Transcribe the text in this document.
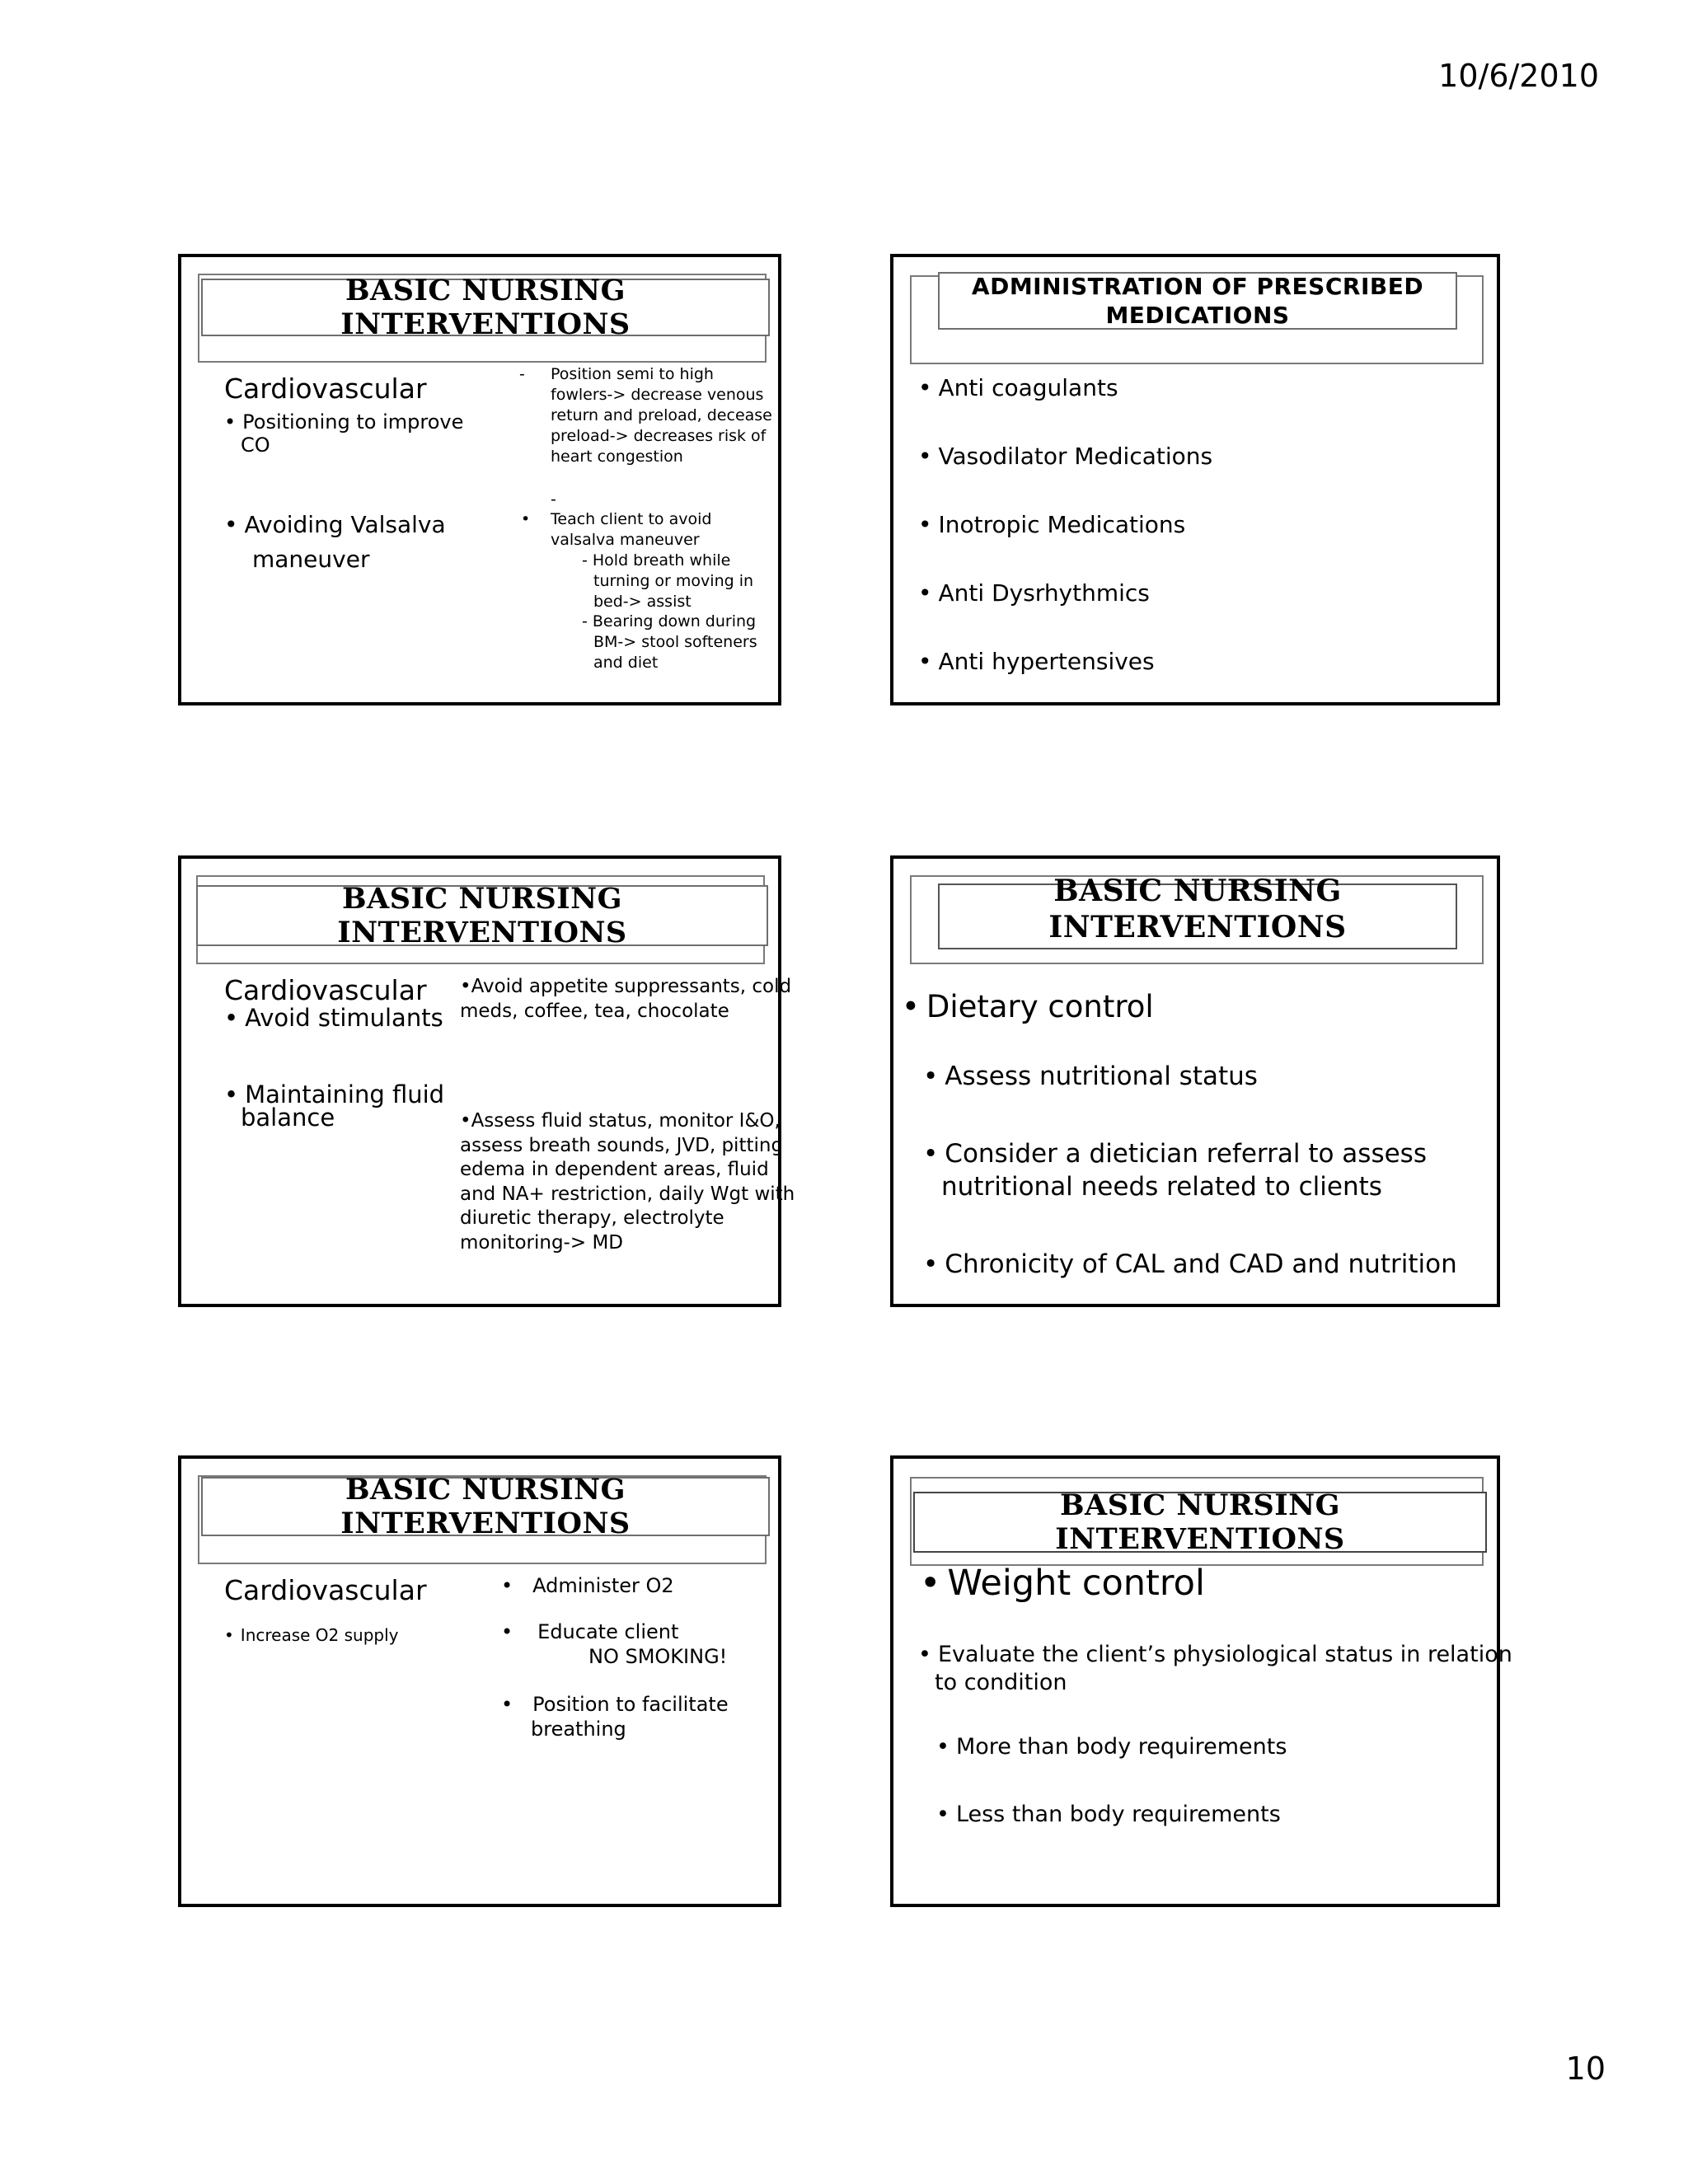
10/6/2010
10
BASIC NURSING INTERVENTIONS
Cardiovascular
• Positioning to improve
CO
• Avoiding Valsalva
maneuver
- Position semi to high
fowlers-> decrease venous
return and preload, decease
preload-> decreases risk of
heart congestion
-
• Teach client to avoid
valsalva maneuver
- Hold breath while
turning or moving in
bed-> assist
- Bearing down during
BM-> stool softeners
and diet
ADMINISTRATION OF PRESCRIBED
MEDICATIONS
• Anti coagulants
• Vasodilator Medications
• Inotropic Medications
• Anti Dysrhythmics
• Anti hypertensives
BASIC NURSING INTERVENTIONS
Cardiovascular
• Avoid stimulants
• Maintaining fluid
balance
•Avoid appetite suppressants, cold
meds, coffee, tea, chocolate
•Assess fluid status, monitor I&O,
assess breath sounds, JVD, pitting
edema in dependent areas, fluid
and NA+ restriction, daily Wgt with
diuretic therapy, electrolyte
monitoring-> MD
BASIC NURSING
INTERVENTIONS
• Dietary control
• Assess nutritional status
• Consider a dietician referral to assess
nutritional needs related to clients
• Chronicity of CAL and CAD and nutrition
BASIC NURSING INTERVENTIONS
Cardiovascular
• Increase O2 supply
• Administer O2
• Educate client
NO SMOKING!
• Position to facilitate
breathing
BASIC NURSING INTERVENTIONS
• Weight control
• Evaluate the client’s physiological status in relation
to condition
• More than body requirements
• Less than body requirements
